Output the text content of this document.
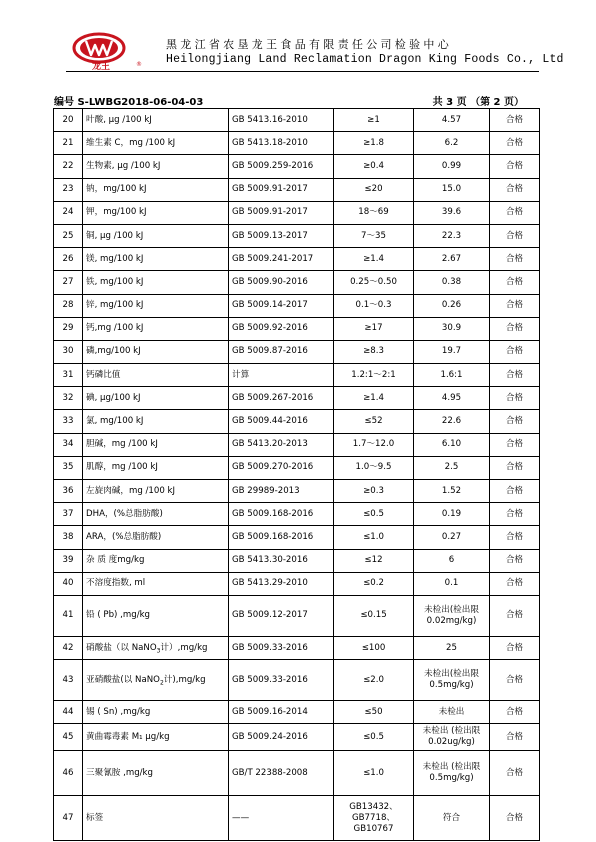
龙王	®
黑龙江省农垦龙王食品有限责任公司检验中心
Heilongjiang Land Reclamation Dragon King Foods Co., Ltd
编号 S-LWBG2018-06-04-03	共 3 页 （第 2 页）
20	叶酸, μg /100 kJ	GB 5413.16-2010	≥1	4.57	合格
21	维生素 C，mg /100 kJ	GB 5413.18-2010	≥1.8	6.2	合格
22	生物素, μg /100 kJ	GB 5009.259-2016	≥0.4	0.99	合格
23	钠，mg/100 kJ	GB 5009.91-2017	≤20	15.0	合格
24	钾，mg/100 kJ	GB 5009.91-2017	18～69	39.6	合格
25	铜, μg /100 kJ	GB 5009.13-2017	7～35	22.3	合格
26	镁, mg/100 kJ	GB 5009.241-2017	≥1.4	2.67	合格
27	铁, mg/100 kJ	GB 5009.90-2016	0.25～0.50	0.38	合格
28	锌, mg/100 kJ	GB 5009.14-2017	0.1～0.3	0.26	合格
29	钙,mg /100 kJ	GB 5009.92-2016	≥17	30.9	合格
30	磷,mg/100 kJ	GB 5009.87-2016	≥8.3	19.7	合格
31	钙磷比值	计算	1.2:1～2:1	1.6:1	合格
32	碘, μg/100 kJ	GB 5009.267-2016	≥1.4	4.95	合格
33	氯, mg/100 kJ	GB 5009.44-2016	≤52	22.6	合格
34	胆碱，mg /100 kJ	GB 5413.20-2013	1.7～12.0	6.10	合格
35	肌醇，mg /100 kJ	GB 5009.270-2016	1.0～9.5	2.5	合格
36	左旋肉碱，mg /100 kJ	GB 29989-2013	≥0.3	1.52	合格
37	DHA，(%总脂肪酸)	GB 5009.168-2016	≤0.5	0.19	合格
38	ARA，(%总脂肪酸)	GB 5009.168-2016	≤1.0	0.27	合格
39	杂 质 度mg/kg	GB 5413.30-2016	≤12	6	合格
40	不溶度指数, ml	GB 5413.29-2010	≤0.2	0.1	合格
41	铅 ( Pb) ,mg/kg	GB 5009.12-2017	≤0.15	未检出(检出限0.02mg/kg)	合格
42	硝酸盐（以 NaNO$_3$计）,mg/kg	GB 5009.33-2016	≤100	25	合格
43	亚硝酸盐(以 NaNO$_2$计),mg/kg	GB 5009.33-2016	≤2.0	未检出(检出限0.5mg/kg)	合格
44	锡 ( Sn) ,mg/kg	GB 5009.16-2014	≤50	未检出	合格
45	黄曲霉毒素 M₁ μg/kg	GB 5009.24-2016	≤0.5	未检出 (检出限0.02ug/kg)	合格
46	三聚氰胺 ,mg/kg	GB/T 22388-2008	≤1.0	未检出 (检出限0.5mg/kg)	合格
47	标签	——	GB13432、GB7718、GB10767	符合	合格
